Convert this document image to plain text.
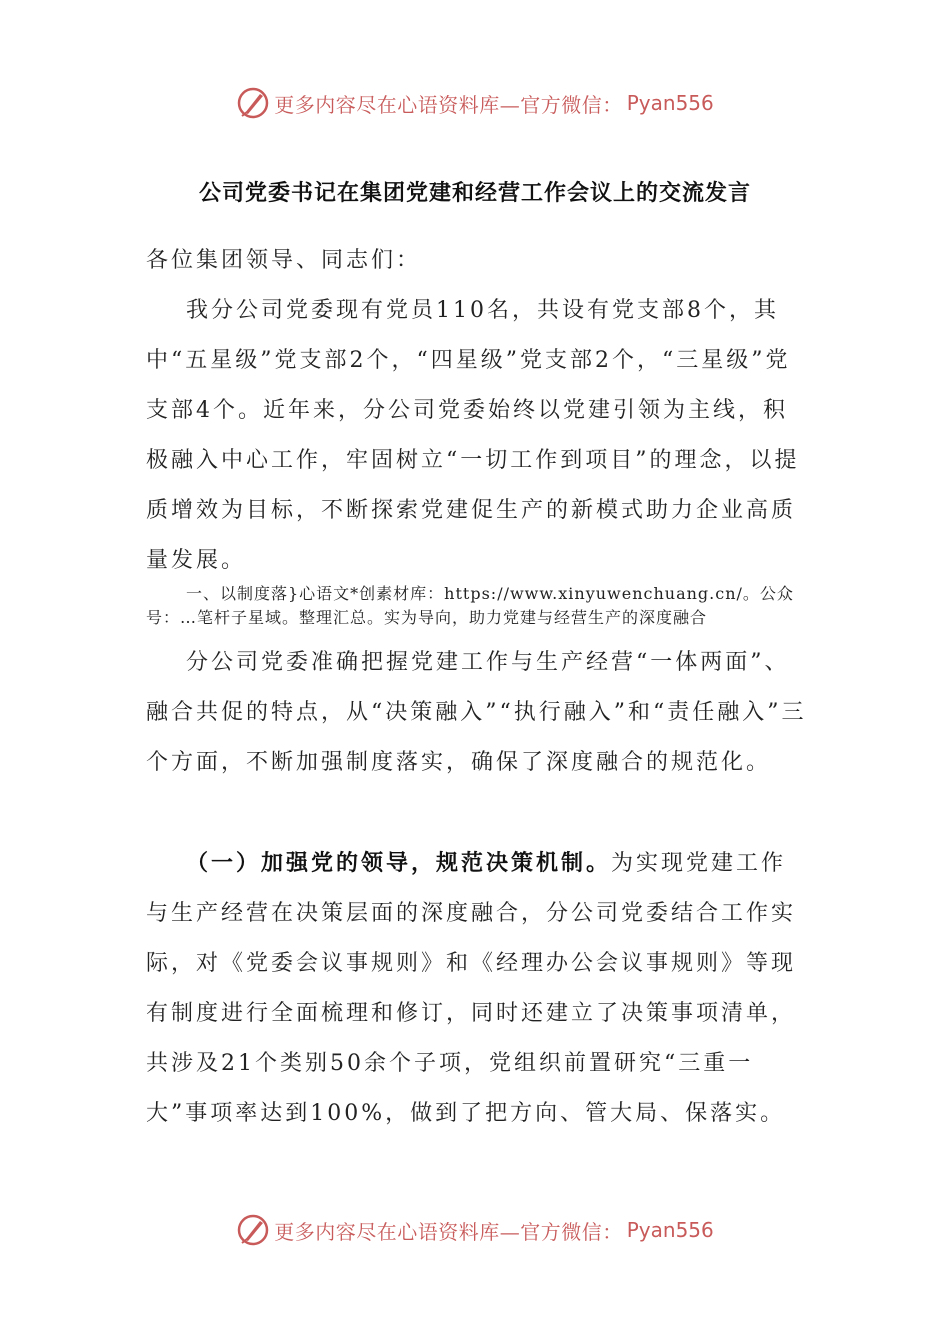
更多内容尽在心语资料库—官方微信： Pyan556
公司党委书记在集团党建和经营工作会议上的交流发言

各位集团领导、同志们：

我分公司党委现有党员110名，共设有党支部8个，其中“五星级”党支部2个，“四星级”党支部2个，“三星级”党支部4个。近年来，分公司党委始终以党建引领为主线，积极融入中心工作，牢固树立“一切工作到项目”的理念，以提质增效为目标，不断探索党建促生产的新模式助力企业高质量发展。

一、以制度落}心语文*创素材库：https://www.xinyuwenchuang.cn/。公众号：…笔杆子星域。整理汇总。实为导向，助力党建与经营生产的深度融合

分公司党委准确把握党建工作与生产经营“一体两面”、融合共促的特点，从“决策融入”“执行融入”和“责任融入”三个方面，不断加强制度落实，确保了深度融合的规范化。

（一）加强党的领导，规范决策机制。为实现党建工作与生产经营在决策层面的深度融合，分公司党委结合工作实际，对《党委会议事规则》和《经理办公会议事规则》等现有制度进行全面梳理和修订，同时还建立了决策事项清单，共涉及21个类别50余个子项，党组织前置研究“三重一大”事项率达到100%，做到了把方向、管大局、保落实。

更多内容尽在心语资料库—官方微信： Pyan556
